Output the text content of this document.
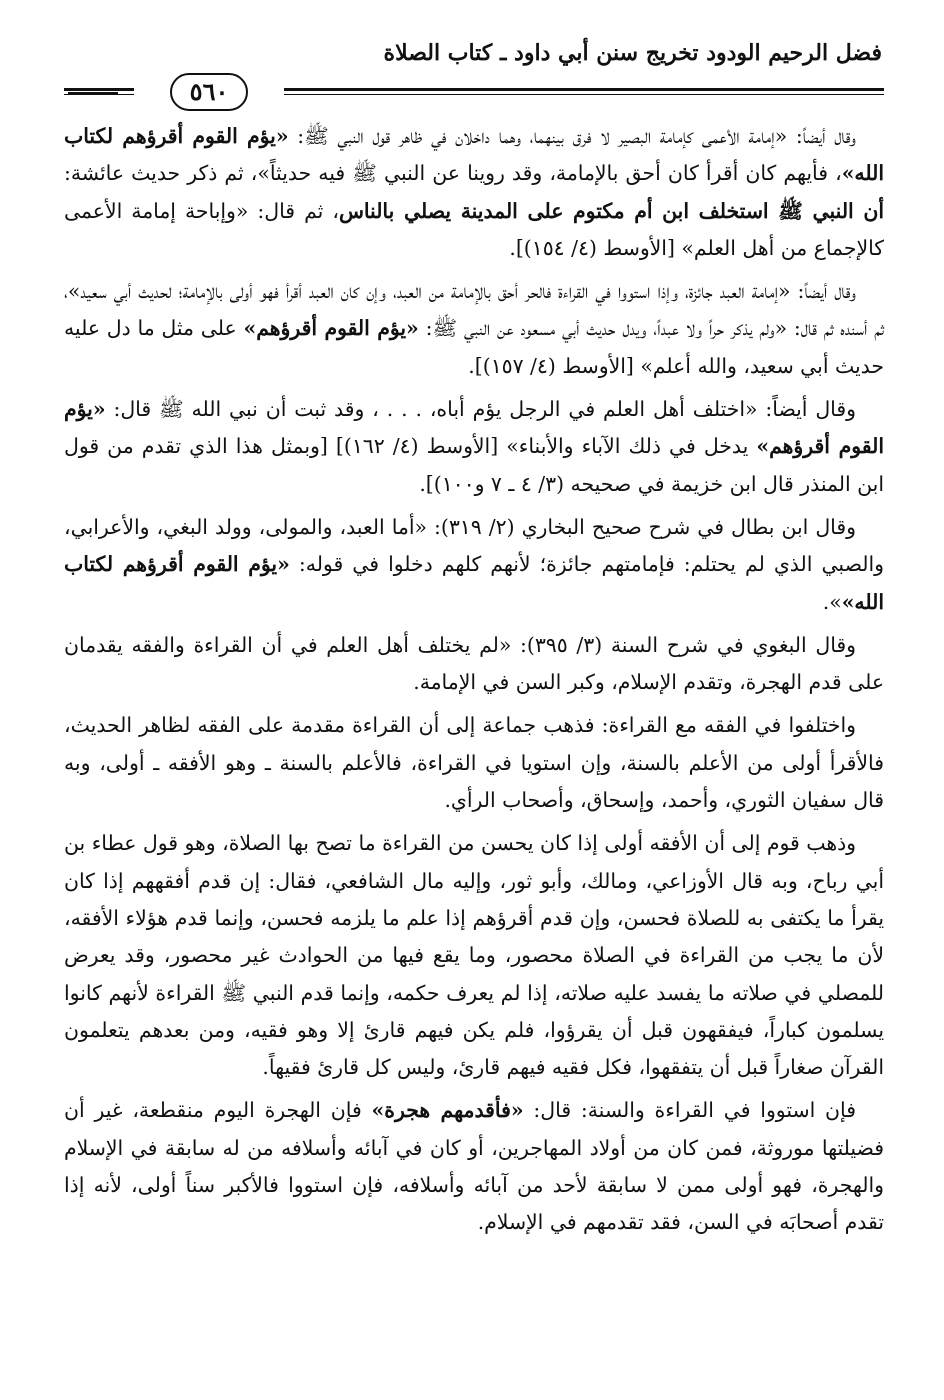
فضل الرحيم الودود تخريج سنن أبي داود ـ كتاب الصلاة
٥٦٠

وقال أيضاً: «إمامة الأعمى كإمامة البصير لا فرق بينهما، وهما داخلان في ظاهر قول النبي ﷺ: «يؤم القوم أقرؤهم لكتاب الله»، فأيهم كان أقرأ كان أحق بالإمامة، وقد روينا عن النبي ﷺ فيه حديثاً»، ثم ذكر حديث عائشة: أن النبي ﷺ استخلف ابن أم مكتوم على المدينة يصلي بالناس، ثم قال: «وإباحة إمامة الأعمى كالإجماع من أهل العلم» [الأوسط (٤/ ١٥٤)].

وقال أيضاً: «إمامة العبد جائزة، وإذا استووا في القراءة فالحر أحق بالإمامة من العبد، وإن كان العبد أقرأ فهو أولى بالإمامة؛ لحديث أبي سعيد»، ثم أسنده ثم قال: «ولم يذكر حراً ولا عبداً، ويدل حديث أبي مسعود عن النبي ﷺ: «يؤم القوم أقرؤهم» على مثل ما دل عليه حديث أبي سعيد، والله أعلم» [الأوسط (٤/ ١٥٧)].

وقال أيضاً: «اختلف أهل العلم في الرجل يؤم أباه، . . . ، وقد ثبت أن نبي الله ﷺ قال: «يؤم القوم أقرؤهم» يدخل في ذلك الآباء والأبناء» [الأوسط (٤/ ١٦٢)] [وبمثل هذا الذي تقدم من قول ابن المنذر قال ابن خزيمة في صحيحه (٣/ ٤ ـ ٧ و١٠٠)].

وقال ابن بطال في شرح صحيح البخاري (٢/ ٣١٩): «أما العبد، والمولى، وولد البغي، والأعرابي، والصبي الذي لم يحتلم: فإمامتهم جائزة؛ لأنهم كلهم دخلوا في قوله: «يؤم القوم أقرؤهم لكتاب الله»».

وقال البغوي في شرح السنة (٣/ ٣٩٥): «لم يختلف أهل العلم في أن القراءة والفقه يقدمان على قدم الهجرة، وتقدم الإسلام، وكبر السن في الإمامة.

واختلفوا في الفقه مع القراءة: فذهب جماعة إلى أن القراءة مقدمة على الفقه لظاهر الحديث، فالأقرأ أولى من الأعلم بالسنة، وإن استويا في القراءة، فالأعلم بالسنة ـ وهو الأفقه ـ أولى، وبه قال سفيان الثوري، وأحمد، وإسحاق، وأصحاب الرأي.

وذهب قوم إلى أن الأفقه أولى إذا كان يحسن من القراءة ما تصح بها الصلاة، وهو قول عطاء بن أبي رباح، وبه قال الأوزاعي، ومالك، وأبو ثور، وإليه مال الشافعي، فقال: إن قدم أفقههم إذا كان يقرأ ما يكتفى به للصلاة فحسن، وإن قدم أقرؤهم إذا علم ما يلزمه فحسن، وإنما قدم هؤلاء الأفقه، لأن ما يجب من القراءة في الصلاة محصور، وما يقع فيها من الحوادث غير محصور، وقد يعرض للمصلي في صلاته ما يفسد عليه صلاته، إذا لم يعرف حكمه، وإنما قدم النبي ﷺ القراءة لأنهم كانوا يسلمون كباراً، فيفقهون قبل أن يقرؤوا، فلم يكن فيهم قارئ إلا وهو فقيه، ومن بعدهم يتعلمون القرآن صغاراً قبل أن يتفقهوا، فكل فقيه فيهم قارئ، وليس كل قارئ فقيهاً.

فإن استووا في القراءة والسنة: قال: «فأقدمهم هجرة» فإن الهجرة اليوم منقطعة، غير أن فضيلتها موروثة، فمن كان من أولاد المهاجرين، أو كان في آبائه وأسلافه من له سابقة في الإسلام والهجرة، فهو أولى ممن لا سابقة لأحد من آبائه وأسلافه، فإن استووا فالأكبر سناً أولى، لأنه إذا تقدم أصحابَه في السن، فقد تقدمهم في الإسلام.
